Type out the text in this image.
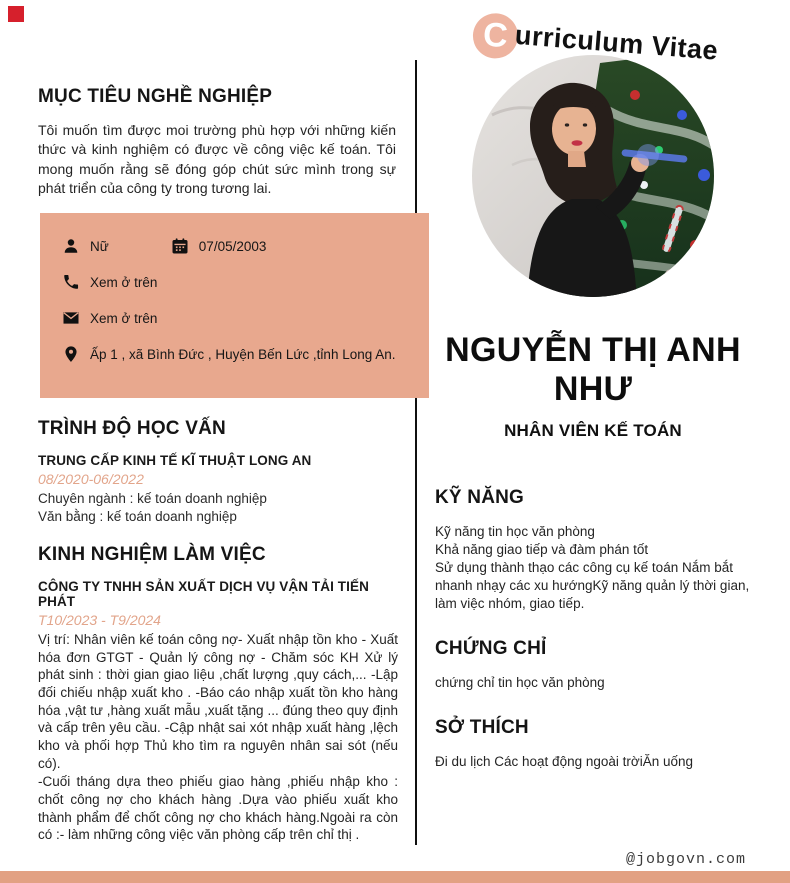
MỤC TIÊU NGHỀ NGHIỆP

Tôi muốn tìm được moi trường phù hợp với những kiến thức và kinh nghiệm có được về công việc kế toán. Tôi mong muốn rằng sẽ đóng góp chút sức mình trong sự phát triển của công ty trong tương lai.

Nữ	07/05/2003
Xem ở trên
Xem ở trên
Ấp 1 , xã Bình Đức , Huyện Bến Lức ,tỉnh Long An.
TRÌNH ĐỘ HỌC VẤN
TRUNG CẤP KINH TẾ KĨ THUẬT LONG AN
08/2020-06/2022
Chuyên ngành : kế toán doanh nghiệp
Văn bằng : kế toán doanh nghiệp
KINH NGHIỆM LÀM VIỆC
CÔNG TY TNHH SẢN XUẤT DỊCH VỤ VẬN TẢI TIẾN PHÁT
T10/2023 - T9/2024

Vị trí: Nhân viên kế toán công nợ- Xuất nhập tồn kho - Xuất hóa đơn GTGT - Quản lý công nợ - Chăm sóc KH Xử lý phát sinh : thời gian giao liệu ,chất lượng ,quy cách,... -Lập đối chiếu nhập xuất kho . -Báo cáo nhập xuất tồn kho hàng hóa ,vật tư ,hàng xuất mẫu ,xuất tặng ... đúng theo quy định và cấp trên yêu cầu. -Cập nhật sai xót nhập xuất hàng ,lệch kho và phối hợp Thủ kho tìm ra nguyên nhân sai sót (nếu có).

-Cuối tháng dựa theo phiếu giao hàng ,phiếu nhập kho : chốt công nợ cho khách hàng .Dựa vào phiếu xuất kho thành phẩm để chốt công nợ cho khách hàng.Ngoài ra còn có :- làm những công việc văn phòng cấp trên chỉ thị .

C urriculum Vitae
NGUYỄN THỊ ANH NHƯ
NHÂN VIÊN KẾ TOÁN
KỸ NĂNG
Kỹ năng tin học văn phòng
Khả năng giao tiếp và đàm phán tốt
Sử dụng thành thạo các công cụ kế toán Nắm bắt nhanh nhạy các xu hướngKỹ năng quản lý thời gian, làm việc nhóm, giao tiếp.
CHỨNG CHỈ
chứng chỉ tin học văn phòng
SỞ THÍCH
Đi du lịch Các hoạt động ngoài trờiĂn uống
@jobgovn.com
